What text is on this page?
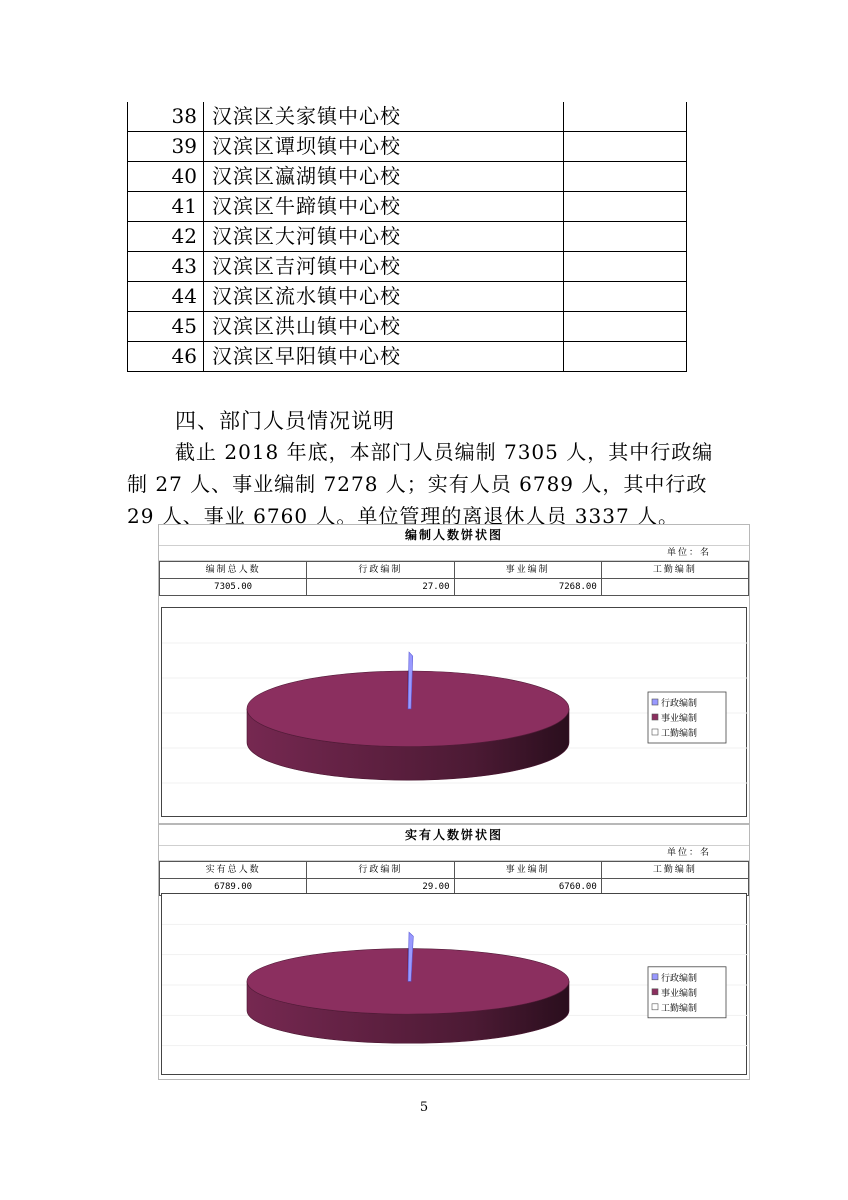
38	汉滨区关家镇中心校	
39	汉滨区谭坝镇中心校	
40	汉滨区瀛湖镇中心校	
41	汉滨区牛蹄镇中心校	
42	汉滨区大河镇中心校	
43	汉滨区吉河镇中心校	
44	汉滨区流水镇中心校	
45	汉滨区洪山镇中心校	
46	汉滨区早阳镇中心校	
四、部门人员情况说明

截止 2018 年底，本部门人员编制 7305 人，其中行政编
制 27 人、事业编制 7278 人；实有人员 6789 人，其中行政
29 人、事业 6760 人。单位管理的离退休人员 3337 人。

编制人数饼状图
单位：名
编制总人数	行政编制	事业编制	工勤编制
7305.00	27.00	7268.00	
行政编制
事业编制
工勤编制
实有人数饼状图
单位：名
实有总人数	行政编制	事业编制	工勤编制
6789.00	29.00	6760.00	
行政编制
事业编制
工勤编制
5
